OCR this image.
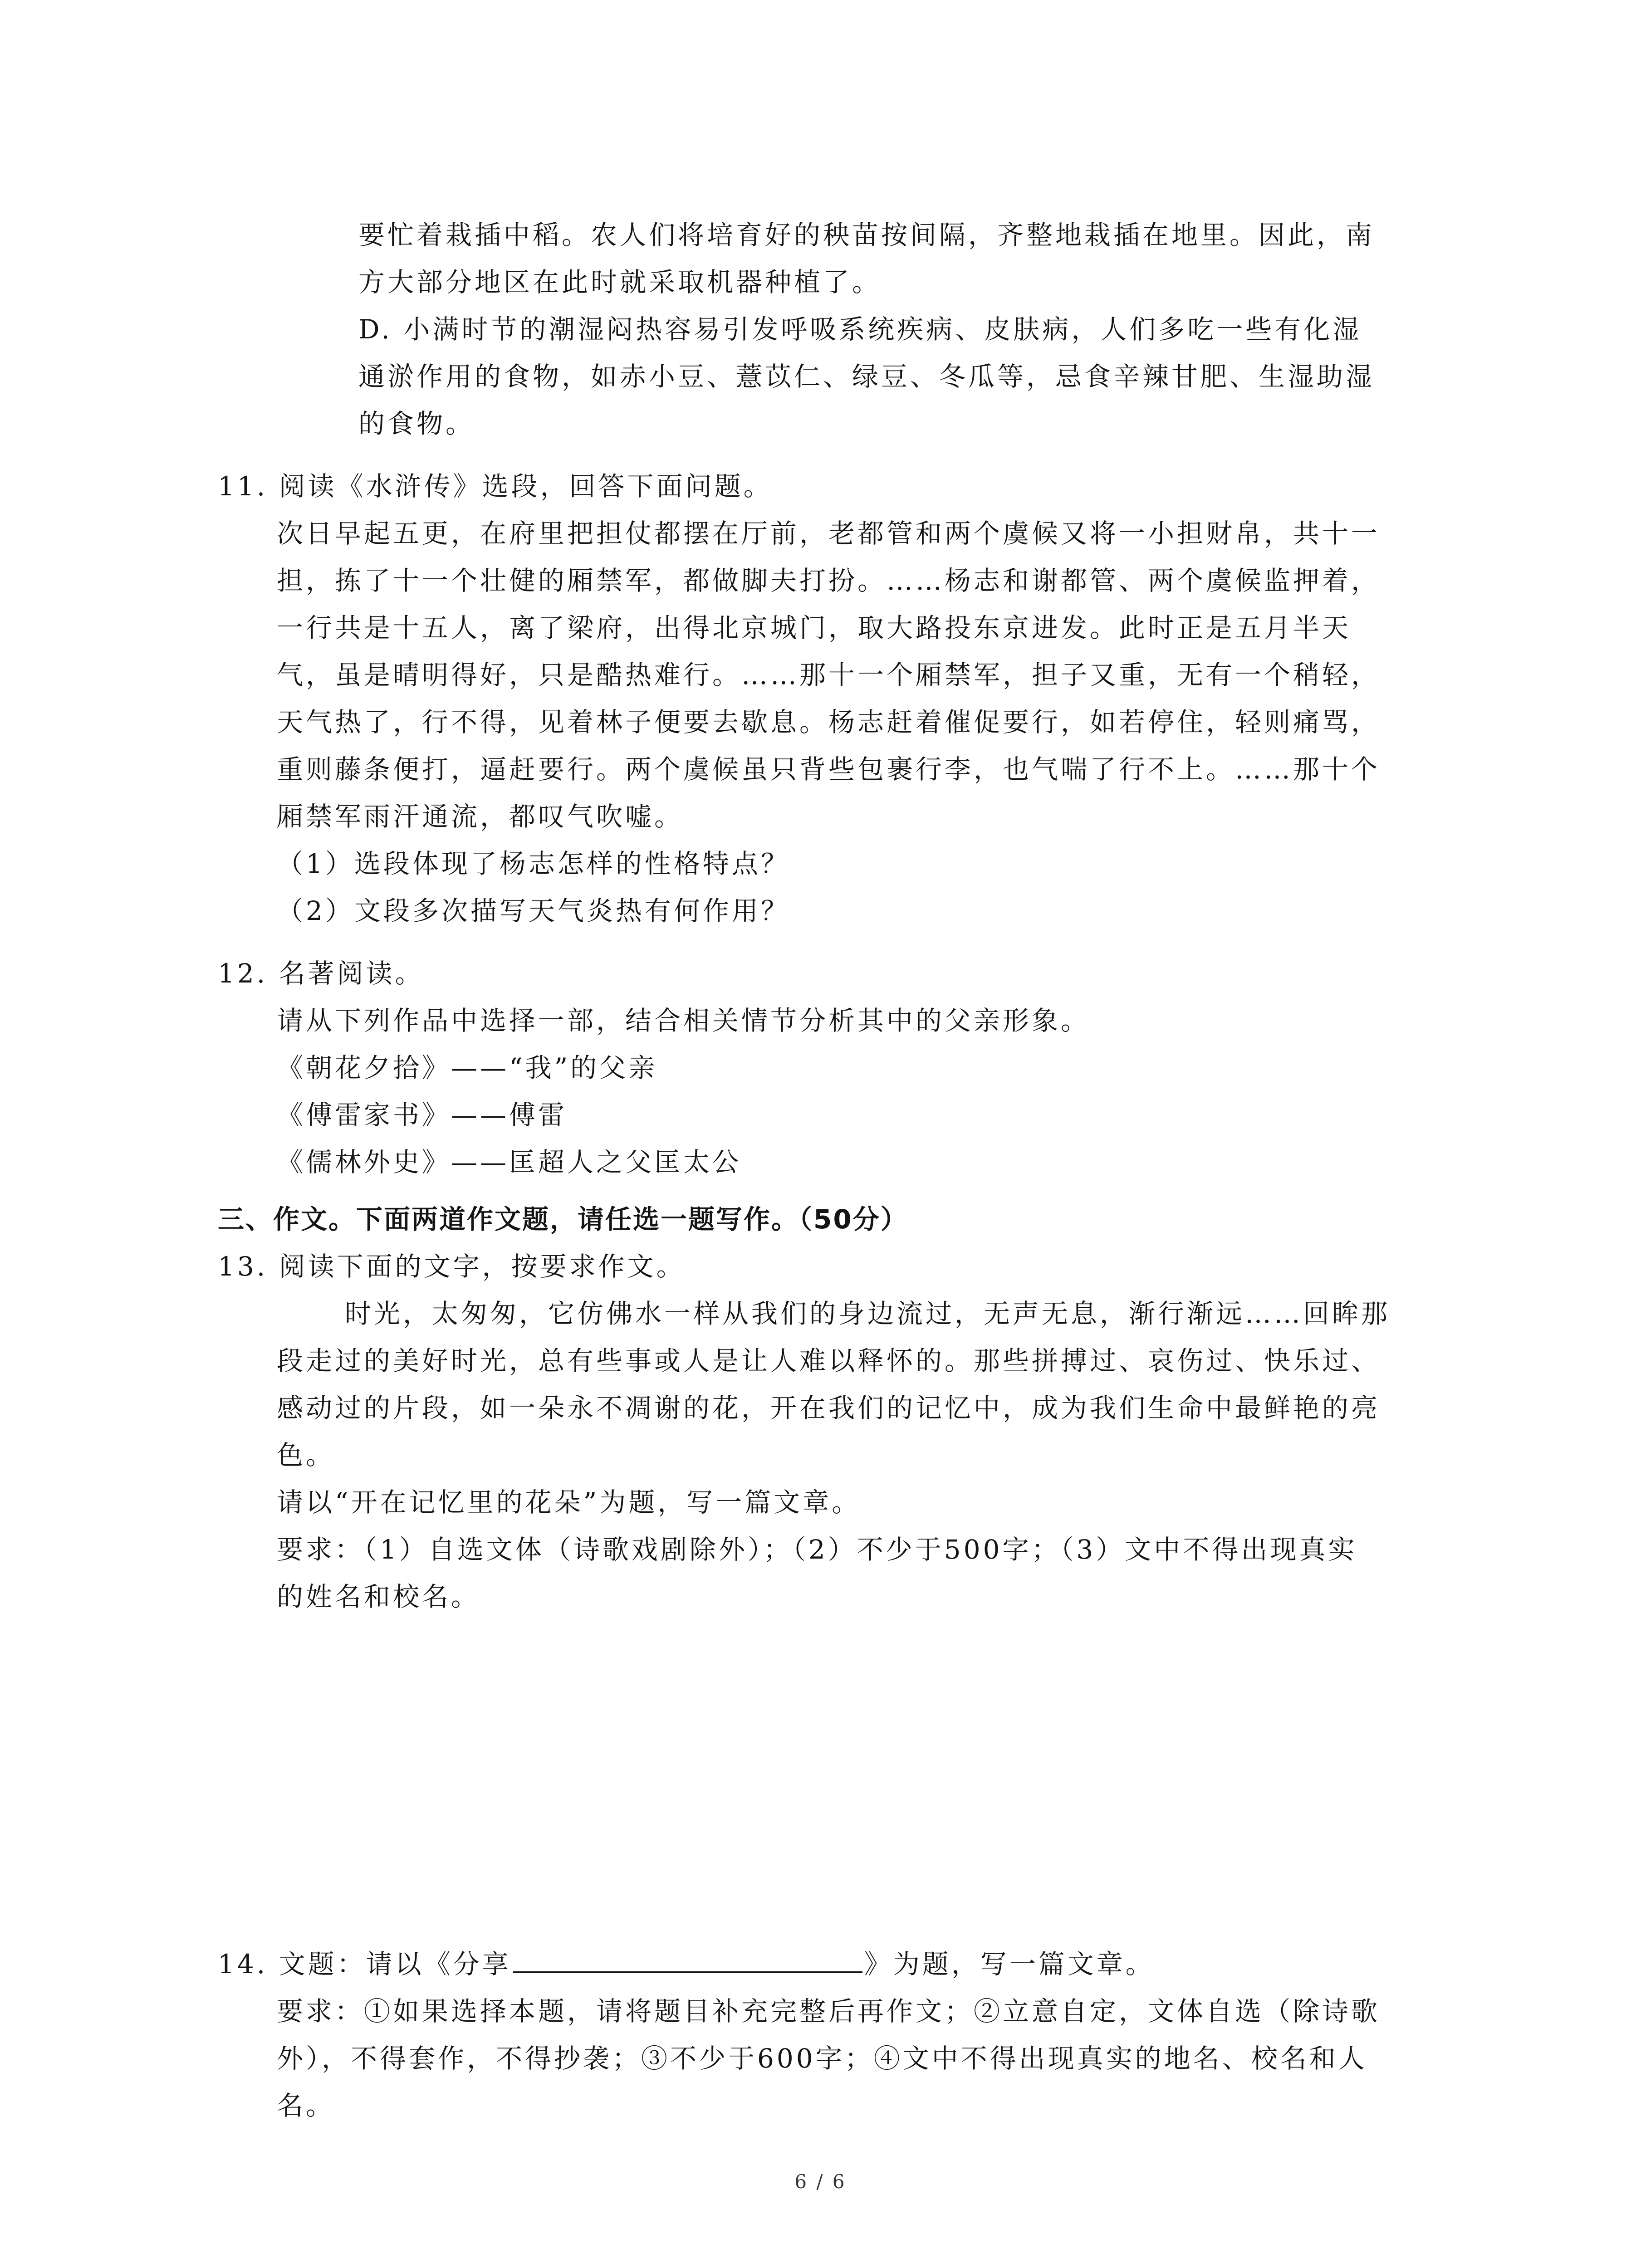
要忙着栽插中稻。农人们将培育好的秧苗按间隔，齐整地栽插在地里。因此，南
方大部分地区在此时就采取机器种植了。
D. 小满时节的潮湿闷热容易引发呼吸系统疾病、皮肤病，人们多吃一些有化湿
通淤作用的食物，如赤小豆、薏苡仁、绿豆、冬瓜等，忌食辛辣甘肥、生湿助湿
的食物。
11. 阅读《水浒传》选段，回答下面问题。
次日早起五更，在府里把担仗都摆在厅前，老都管和两个虞候又将一小担财帛，共十一
担，拣了十一个壮健的厢禁军，都做脚夫打扮。……杨志和谢都管、两个虞候监押着，
一行共是十五人，离了梁府，出得北京城门，取大路投东京进发。此时正是五月半天
气，虽是晴明得好，只是酷热难行。……那十一个厢禁军，担子又重，无有一个稍轻，
天气热了，行不得，见着林子便要去歇息。杨志赶着催促要行，如若停住，轻则痛骂，
重则藤条便打，逼赶要行。两个虞候虽只背些包裹行李，也气喘了行不上。……那十个
厢禁军雨汗通流，都叹气吹嘘。
（1）选段体现了杨志怎样的性格特点？
（2）文段多次描写天气炎热有何作用？
12. 名著阅读。
请从下列作品中选择一部，结合相关情节分析其中的父亲形象。
《朝花夕拾》——“我”的父亲
《傅雷家书》——傅雷
《儒林外史》——匡超人之父匡太公
三、作文。下面两道作文题，请任选一题写作。（50分）
13. 阅读下面的文字，按要求作文。
时光，太匆匆，它仿佛水一样从我们的身边流过，无声无息，渐行渐远……回眸那
段走过的美好时光，总有些事或人是让人难以释怀的。那些拼搏过、哀伤过、快乐过、
感动过的片段，如一朵永不凋谢的花，开在我们的记忆中，成为我们生命中最鲜艳的亮
色。
请以“开在记忆里的花朵”为题，写一篇文章。
要求：（1）自选文体（诗歌戏剧除外）；（2）不少于500字；（3）文中不得出现真实
的姓名和校名。
14. 文题：请以《分享	》为题，写一篇文章。
要求：①如果选择本题，请将题目补充完整后再作文；②立意自定，文体自选（除诗歌
外），不得套作，不得抄袭；③不少于600字；④文中不得出现真实的地名、校名和人
名。
6 / 6
